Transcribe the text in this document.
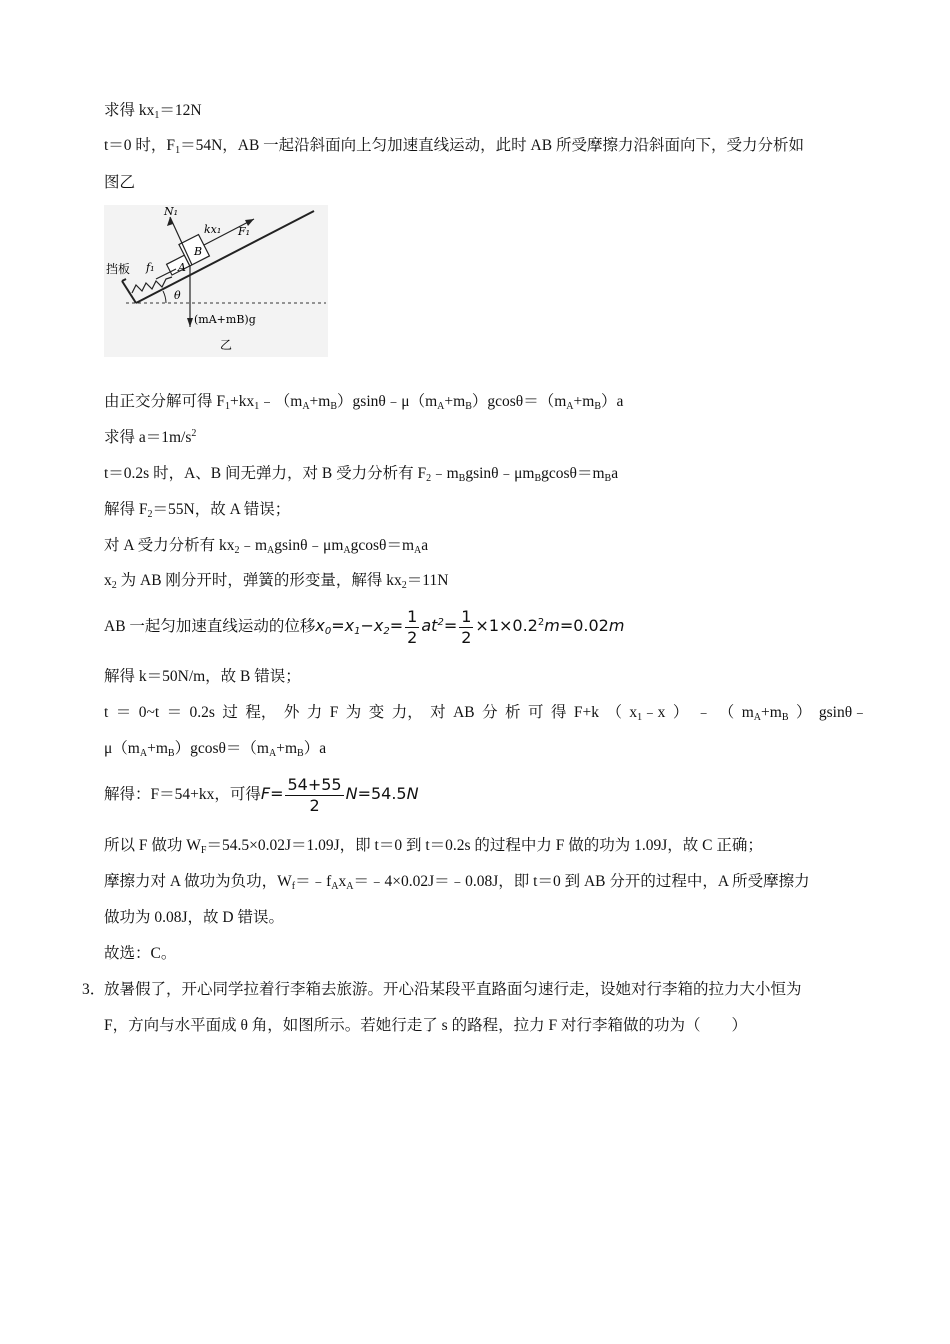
求得 $kx_1=12N$
t＝0 时，$F_1=54N$，AB 一起沿斜面向上匀加速直线运动，此时 AB 所受摩擦力沿斜面向下，受力分析如
图乙
N₁
F₁
kx₁
f₁ A
B
挡板
θ
(mA+mB)g
乙
由正交分解可得 $F_1+kx_1﹣(m_A+m_B)gsin\theta﹣\mu(m_A+m_B)gcos\theta=(m_A+m_B)a$
求得 $a=1m/s^2$
t＝0.2s 时，A、B 间无弹力，对 B 受力分析有 $F_2﹣m_Bgsin\theta﹣\mu m_Bgcos\theta=m_Ba$
解得 $F_2=55N$，故 A 错误；
对 A 受力分析有 $kx_2﹣m_Agsin\theta﹣\mu m_Agcos\theta=m_Aa$
$x_2$ 为 AB 刚分开时，弹簧的形变量，解得 $kx_2=11N$
AB 一起匀加速直线运动的位移$x_0=x_1-x_2= \frac{1}{2} at^2= \frac{1}{2} \times 1\times 0.2^2m=0.02m$
解得 k＝50N/m，故 B 错误；
t ＝ 0~t ＝ 0.2s 过 程， 外 力 F 为 变 力， 对 AB 分 析 可 得 F+k （ $x_1﹣x$ ） ﹣ （ $m_A+m_B$ ） gsinθ﹣
$\mu(m_A+m_B)gcos\theta=(m_A+m_B)a$
解得：F＝54+kx，可得$F= \frac{54+55}{2} N=54.5N$
所以 F 做功 $W_F=54.5\times 0.02J=1.09J$，即 t＝0 到 t＝0.2s 的过程中力 F 做的功为 1.09J，故 C 正确；
摩擦力对 A 做功为负功，$W_f=﹣f_Ax_A=﹣4\times 0.02J=﹣0.08J$，即 t＝0 到 AB 分开的过程中，A 所受摩擦力
做功为 0.08J，故 D 错误。
故选：C。
3．
放暑假了，开心同学拉着行李箱去旅游。开心沿某段平直路面匀速行走，设她对行李箱的拉力大小恒为
F，方向与水平面成 θ 角，如图所示。若她行走了 s 的路程，拉力 F 对行李箱做的功为（　　）
